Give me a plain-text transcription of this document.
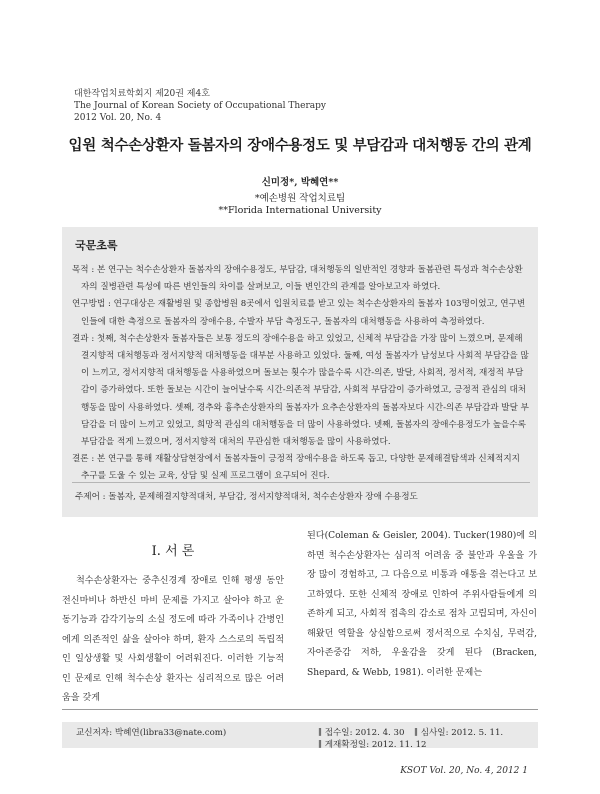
대한작업치료학회지 제20권 제4호
The Journal of Korean Society of Occupational Therapy
2012 Vol. 20, No. 4
입원 척수손상환자 돌봄자의 장애수용정도 및 부담감과 대처행동 간의 관계
신미정*, 박혜연**
*예손병원 작업치료팀
**Florida International University
국문초록

목적 : 본 연구는 척수손상환자 돌봄자의 장애수용정도, 부담감, 대처행동의 일반적인 경향과 돌봄관련 특성과 척수손상환자의 질병관련 특성에 따른 변인들의 차이를 살펴보고, 이들 변인간의 관계를 알아보고자 하였다.

연구방법 : 연구대상은 재활병원 및 종합병원 8곳에서 입원치료를 받고 있는 척수손상환자의 돌봄자 103명이었고, 연구변인들에 대한 측정으로 돌봄자의 장애수용, 수발자 부담 측정도구, 돌봄자의 대처행동을 사용하여 측정하였다.

결과 : 첫째, 척수손상환자 돌봄자들은 보통 정도의 장애수용을 하고 있었고, 신체적 부담감을 가장 많이 느꼈으며, 문제해결지향적 대처행동과 정서지향적 대처행동을 대부분 사용하고 있었다. 둘째, 여성 돌봄자가 남성보다 사회적 부담감을 많이 느끼고, 정서지향적 대처행동을 사용하였으며 돌보는 횟수가 많을수록 시간-의존, 발달, 사회적, 정서적, 재정적 부담감이 증가하였다. 또한 돌보는 시간이 늘어날수록 시간-의존적 부담감, 사회적 부담감이 증가하였고, 긍정적 관심의 대처행동을 많이 사용하였다. 셋째, 경추와 흉추손상환자의 돌봄자가 요추손상환자의 돌봄자보다 시간-의존 부담감과 발달 부담감을 더 많이 느끼고 있었고, 희망적 관심의 대처행동을 더 많이 사용하였다. 넷째, 돌봄자의 장애수용정도가 높을수록 부담감을 적게 느꼈으며, 정서지향적 대처의 무관심한 대처행동을 많이 사용하였다.

결론 : 본 연구를 통해 재활상담현장에서 돌봄자들이 긍정적 장애수용을 하도록 돕고, 다양한 문제해결탐색과 신체적지지 추구를 도울 수 있는 교육, 상담 및 실제 프로그램이 요구되어 진다.

주제어 : 돌봄자, 문제해결지향적대처, 부담감, 정서지향적대처, 척수손상환자 장애 수용정도
I. 서 론
척수손상환자는 중추신경계 장애로 인해 평생 동안 전신마비나 하반신 마비 문제를 가지고 살아야 하고 운동기능과 감각기능의 소실 정도에 따라 가족이나 간병인에게 의존적인 삶을 살아야 하며, 환자 스스로의 독립적인 일상생활 및 사회생활이 어려워진다. 이러한 기능적인 문제로 인해 척수손상 환자는 심리적으로 많은 어려움을 갖게
된다(Coleman & Geisler, 2004). Tucker(1980)에 의하면 척수손상환자는 심리적 어려움 중 불안과 우울을 가장 많이 경험하고, 그 다음으로 비통과 애통을 겪는다고 보고하였다. 또한 신체적 장애로 인하여 주위사람들에게 의존하게 되고, 사회적 접촉의 감소로 점차 고립되며, 자신이 해왔던 역할을 상실함으로써 정서적으로 수치심, 무력감, 자아존중감 저하, 우울감을 갖게 된다 (Bracken, Shepard, & Webb, 1981). 이러한 문제는
교신저자: 박혜연(libra33@nate.com)	∥ 접수일: 2012. 4. 30 ∥ 심사일: 2012. 5. 11.
∥ 게재확정일: 2012. 11. 12
KSOT Vol. 20, No. 4, 2012 1
